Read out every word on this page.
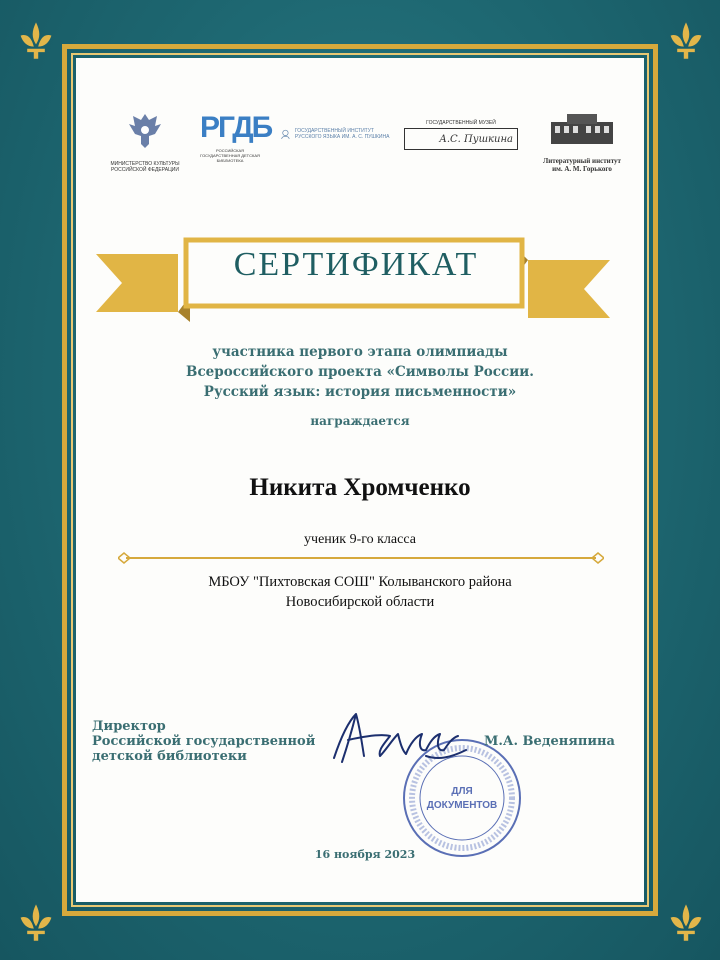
МИНИСТЕРСТВО КУЛЬТУРЫ РОССИЙСКОЙ ФЕДЕРАЦИИ
РГДБ
РОССИЙСКАЯ ГОСУДАРСТВЕННАЯ ДЕТСКАЯ БИБЛИОТЕКА
ГОСУДАРСТВЕННЫЙ ИНСТИТУТ РУССКОГО ЯЗЫКА ИМ. А. С. ПУШКИНА
ГОСУДАРСТВЕННЫЙ МУЗЕЙ
А.С. Пушкина
Литературный институт им. А. М. Горького
СЕРТИФИКАТ
участника первого этапа олимпиады
Всероссийского проекта «Символы России.
Русский язык: история письменности»
награждается
Никита Хромченко
ученик 9-го класса
МБОУ "Пихтовская СОШ" Колыванского района
Новосибирской области
Директор
Российской государственной
детской библиотеки
ДЛЯ
ДОКУМЕНТОВ
М.А. Веденяпина
16 ноября 2023
